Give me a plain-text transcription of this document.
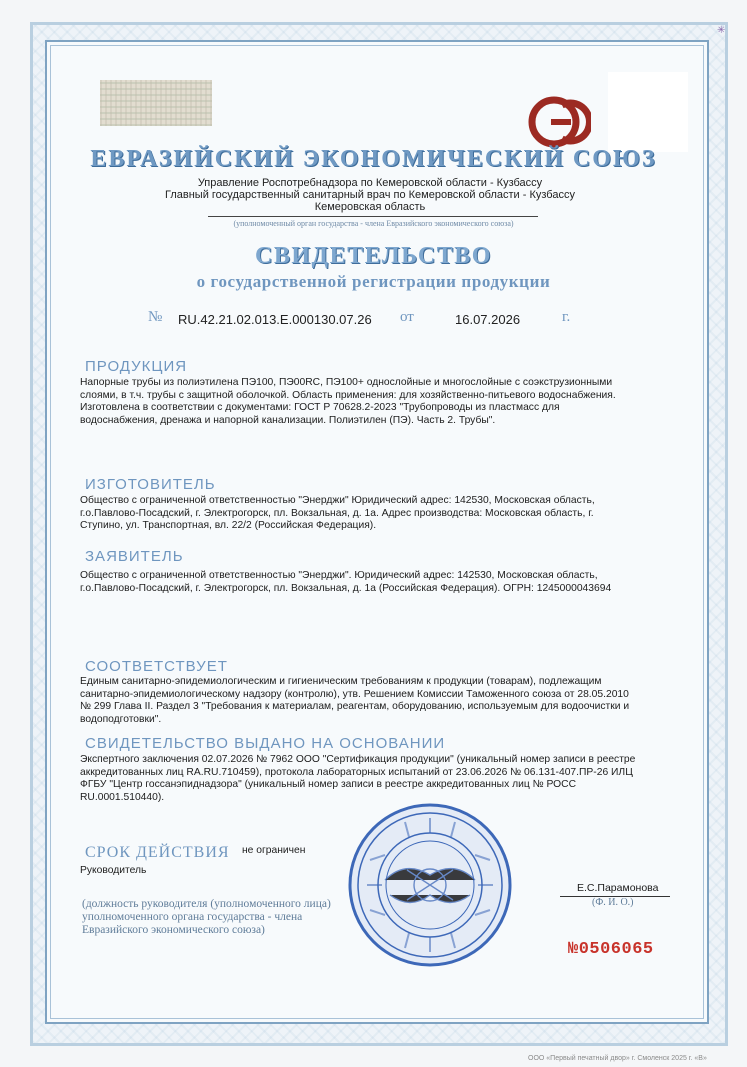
✳
ЕВРАЗИЙСКИЙ ЭКОНОМИЧЕСКИЙ СОЮЗ
Управление Роспотребнадзора по Кемеровской области - Кузбассу
Главный государственный санитарный врач по Кемеровской области - Кузбассу
Кемеровская область
(уполномоченный орган государства - члена Евразийского экономического союза)
СВИДЕТЕЛЬСТВО
о государственной регистрации продукции
№ RU.42.21.02.013.Е.000130.07.26 от	16.07.2026	г.
ПРОДУКЦИЯ
Напорные трубы из полиэтилена ПЭ100, ПЭ00RC, ПЭ100+ однослойные и многослойные с соэкструзионными слоями, в т.ч. трубы с защитной оболочкой. Область применения: для хозяйственно-питьевого водоснабжения. Изготовлена в соответствии с документами: ГОСТ Р 70628.2-2023 "Трубопроводы из пластмасс для водоснабжения, дренажа и напорной канализации. Полиэтилен (ПЭ). Часть 2. Трубы".
ИЗГОТОВИТЕЛЬ
Общество с ограниченной ответственностью "Энерджи" Юридический адрес: 142530, Московская область, г.о.Павлово-Посадский, г. Электрогорск, пл. Вокзальная, д. 1а. Адрес производства: Московская область, г. Ступино, ул. Транспортная, вл. 22/2 (Российская Федерация).
ЗАЯВИТЕЛЬ
Общество с ограниченной ответственностью "Энерджи". Юридический адрес: 142530, Московская область, г.о.Павлово-Посадский, г. Электрогорск, пл. Вокзальная, д. 1а (Российская Федерация). ОГРН: 1245000043694
СООТВЕТСТВУЕТ
Единым санитарно-эпидемиологическим и гигиеническим требованиям к продукции (товарам), подлежащим санитарно-эпидемиологическому надзору (контролю), утв. Решением Комиссии Таможенного союза от 28.05.2010 № 299 Глава II. Раздел 3 "Требования к материалам, реагентам, оборудованию, используемым для водоочистки и водоподготовки".
СВИДЕТЕЛЬСТВО ВЫДАНО НА ОСНОВАНИИ
Экспертного заключения 02.07.2026 № 7962 ООО "Сертификация продукции" (уникальный номер записи в реестре аккредитованных лиц RA.RU.710459), протокола лабораторных испытаний от 23.06.2026 № 06.131-407.ПР-26 ИЛЦ ФГБУ "Центр госсанэпиднадзора" (уникальный номер записи в реестре аккредитованных лиц № РОСС RU.0001.510440).
СРОК ДЕЙСТВИЯ не ограничен
Руководитель
Е.С.Парамонова
(Ф. И. О.)
(должность руководителя (уполномоченного лица) уполномоченного органа государства - члена Евразийского экономического союза)
№0506065
ООО «Первый печатный двор» г. Смоленск 2025 г. «В»
